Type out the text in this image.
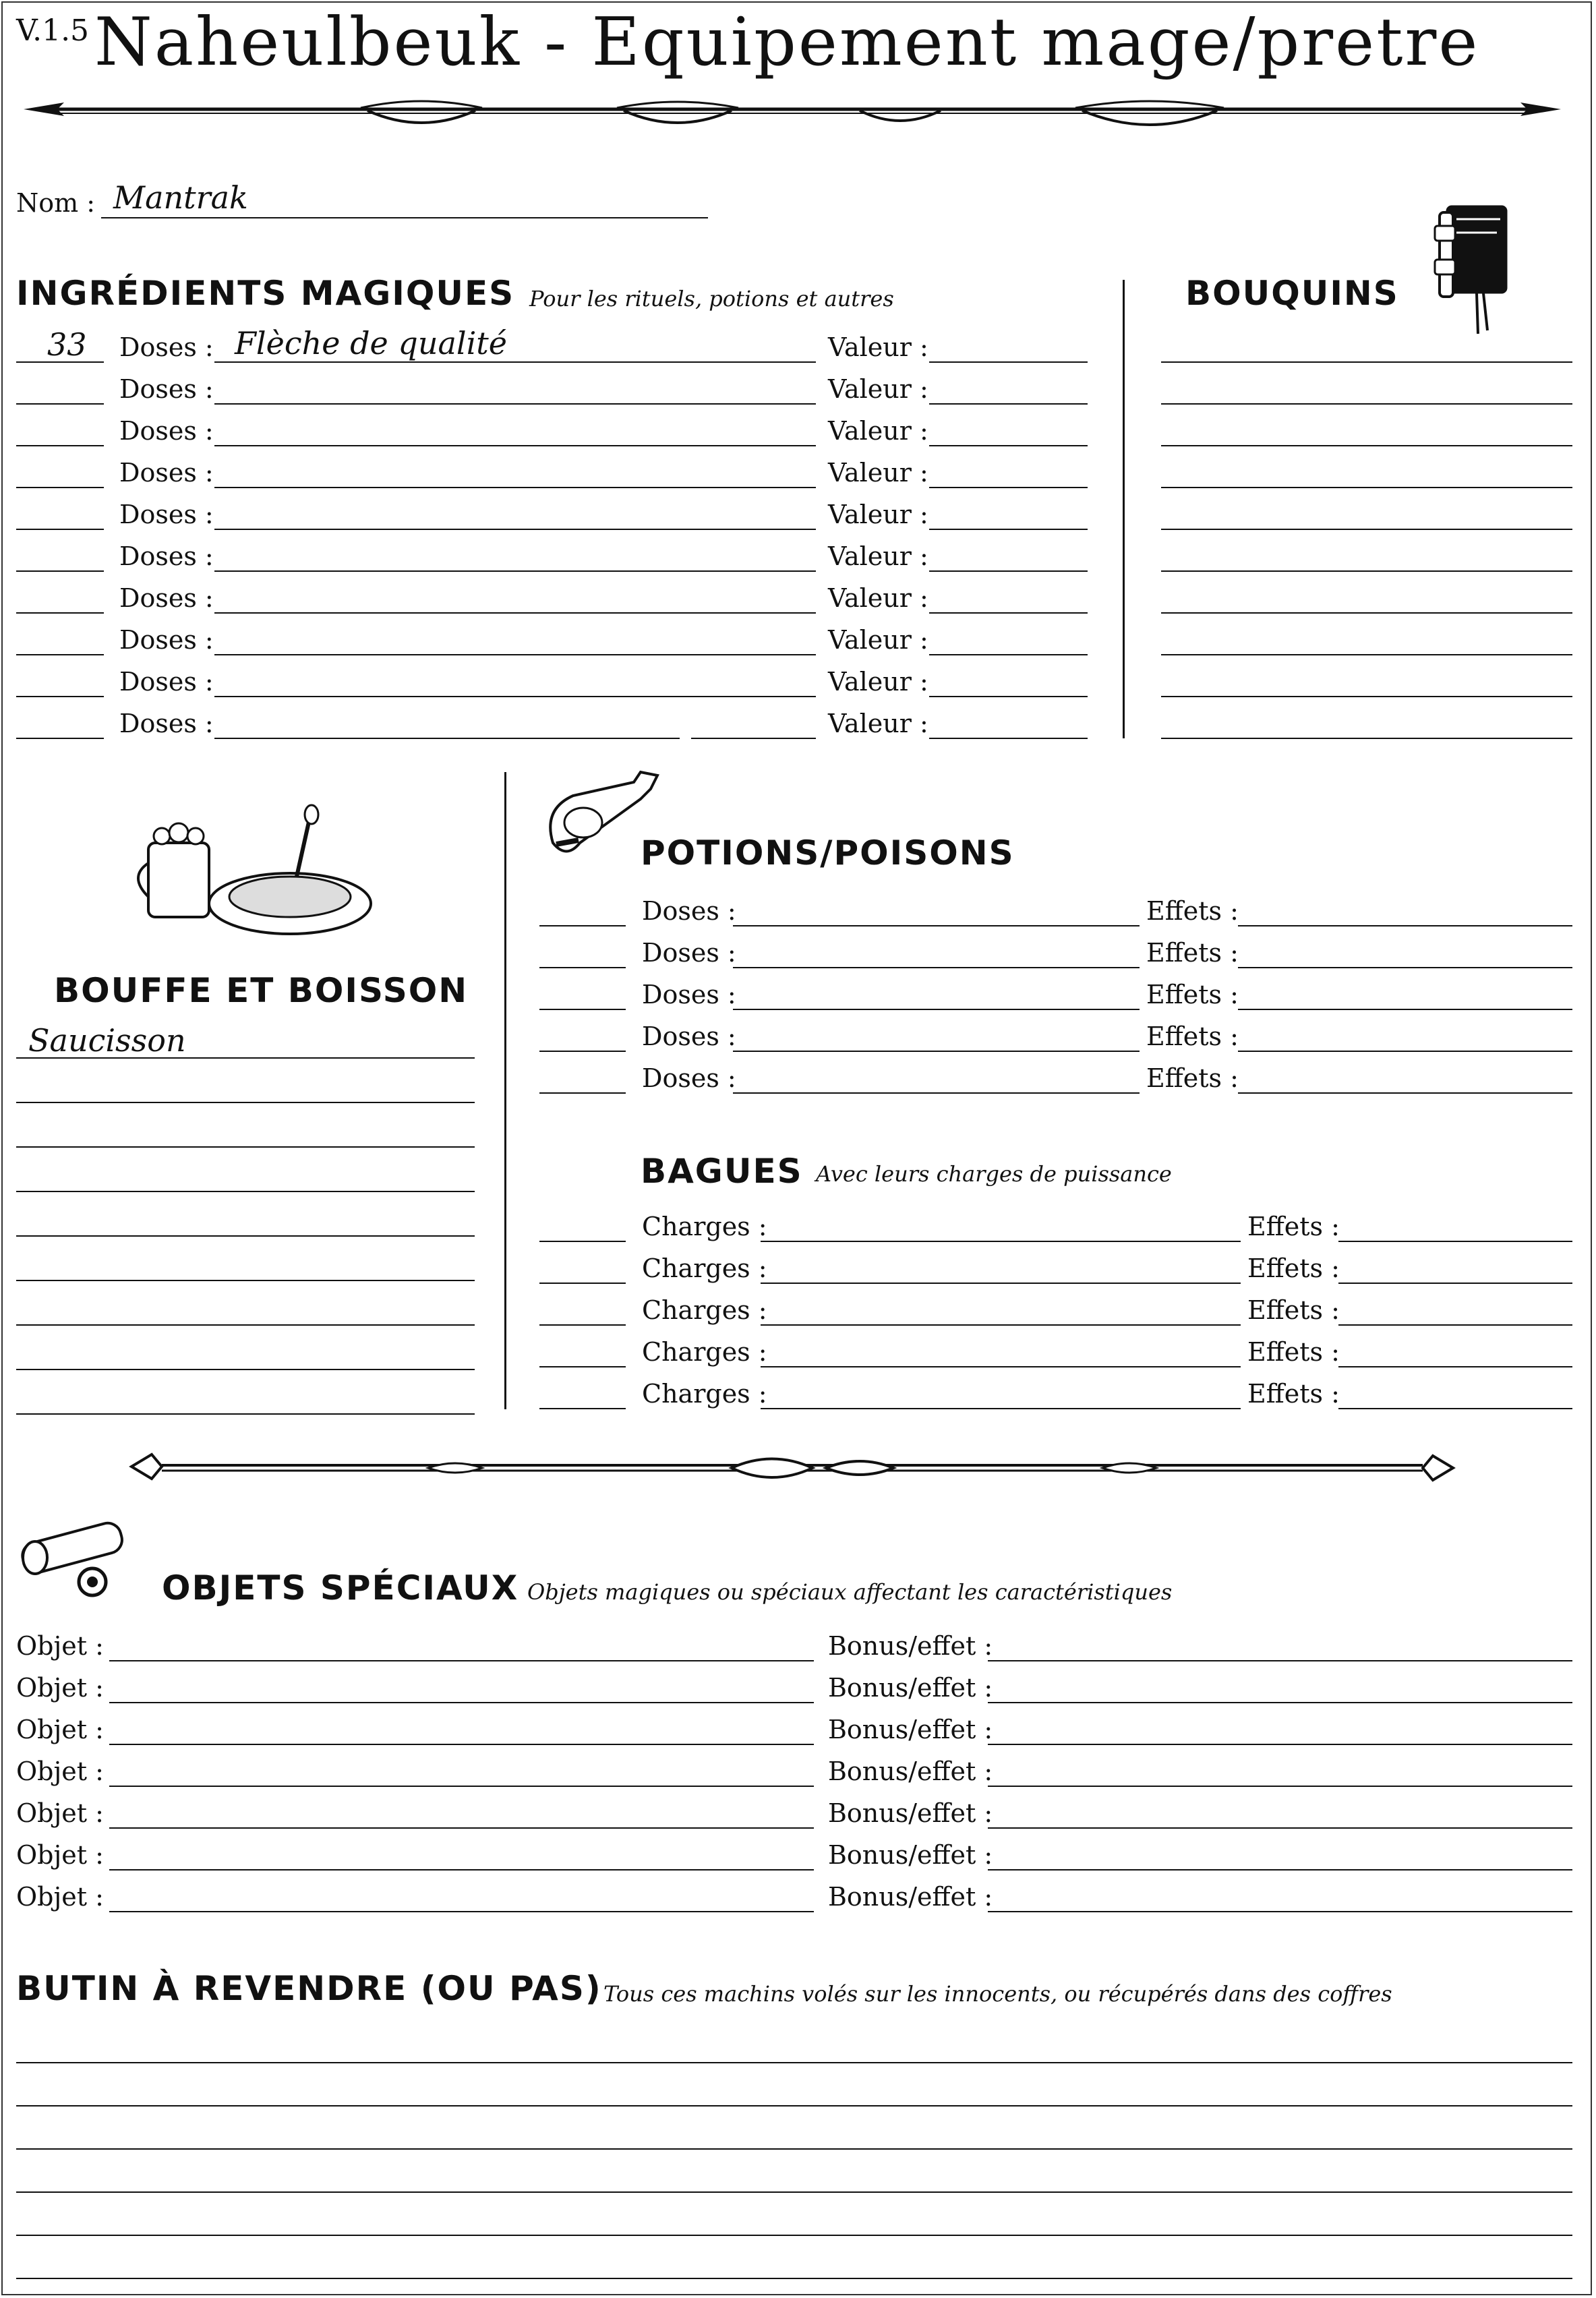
V.1.5 Naheulbeuk - Equipement mage/pretre
Nom : Mantrak
INGRÉDIENTS MAGIQUES Pour les rituels, potions et autres	BOUQUINS
BOUFFE ET BOISSON
POTIONS/POISONS
BAGUES Avec leurs charges de puissance
OBJETS SPÉCIAUX Objets magiques ou spéciaux affectant les caractéristiques
BUTIN À REVENDRE (OU PAS) Tous ces machins volés sur les innocents, ou récupérés dans des coffres
33 Doses : Flèche de qualité	Valeur :
Doses :	Valeur :
Doses :	Valeur :
Doses :	Valeur :
Doses :	Valeur :
Doses :	Valeur :
Doses :	Valeur :
Doses :	Valeur :
Doses :	Valeur :
Doses :	Valeur :
Saucisson
Doses :	Effets :
Doses :	Effets :
Doses :	Effets :
Doses :	Effets :
Doses :	Effets :
Charges :	Effets :
Charges :	Effets :
Charges :	Effets :
Charges :	Effets :
Charges :	Effets :
Objet :	Bonus/effet :
Objet :	Bonus/effet :
Objet :	Bonus/effet :
Objet :	Bonus/effet :
Objet :	Bonus/effet :
Objet :	Bonus/effet :
Objet :	Bonus/effet :
